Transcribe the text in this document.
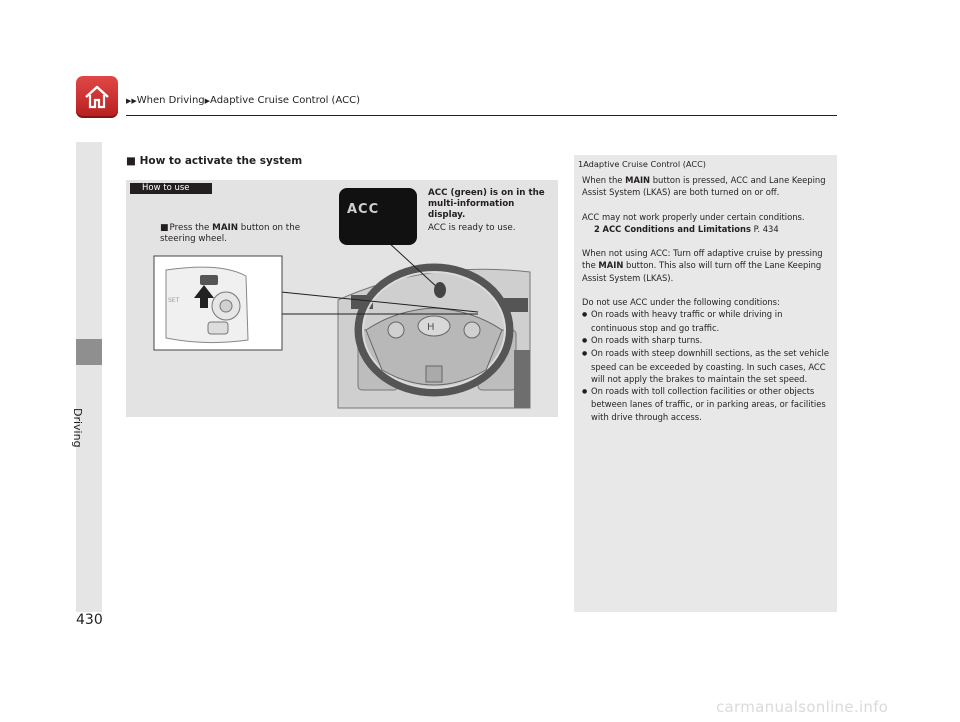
▶▶When Driving▶Adaptive Cruise Control (ACC)
Driving
430
■ How to activate the system
H
SET
How to use
ACC
ACC (green) is on in the multi-information display.
ACC is ready to use.
■Press the MAIN button on the steering wheel.
1Adaptive Cruise Control (ACC)

When the MAIN button is pressed, ACC and Lane Keeping Assist System (LKAS) are both turned on or off.

ACC may not work properly under certain conditions.
2 ACC Conditions and Limitations P. 434

When not using ACC: Turn off adaptive cruise by pressing the MAIN button. This also will turn off the Lane Keeping Assist System (LKAS).

Do not use ACC under the following conditions:
● On roads with heavy traffic or while driving in continuous stop and go traffic.
● On roads with sharp turns.
● On roads with steep downhill sections, as the set vehicle speed can be exceeded by coasting. In such cases, ACC will not apply the brakes to maintain the set speed.
● On roads with toll collection facilities or other objects between lanes of traffic, or in parking areas, or facilities with drive through access.
carmanualsonline.info
